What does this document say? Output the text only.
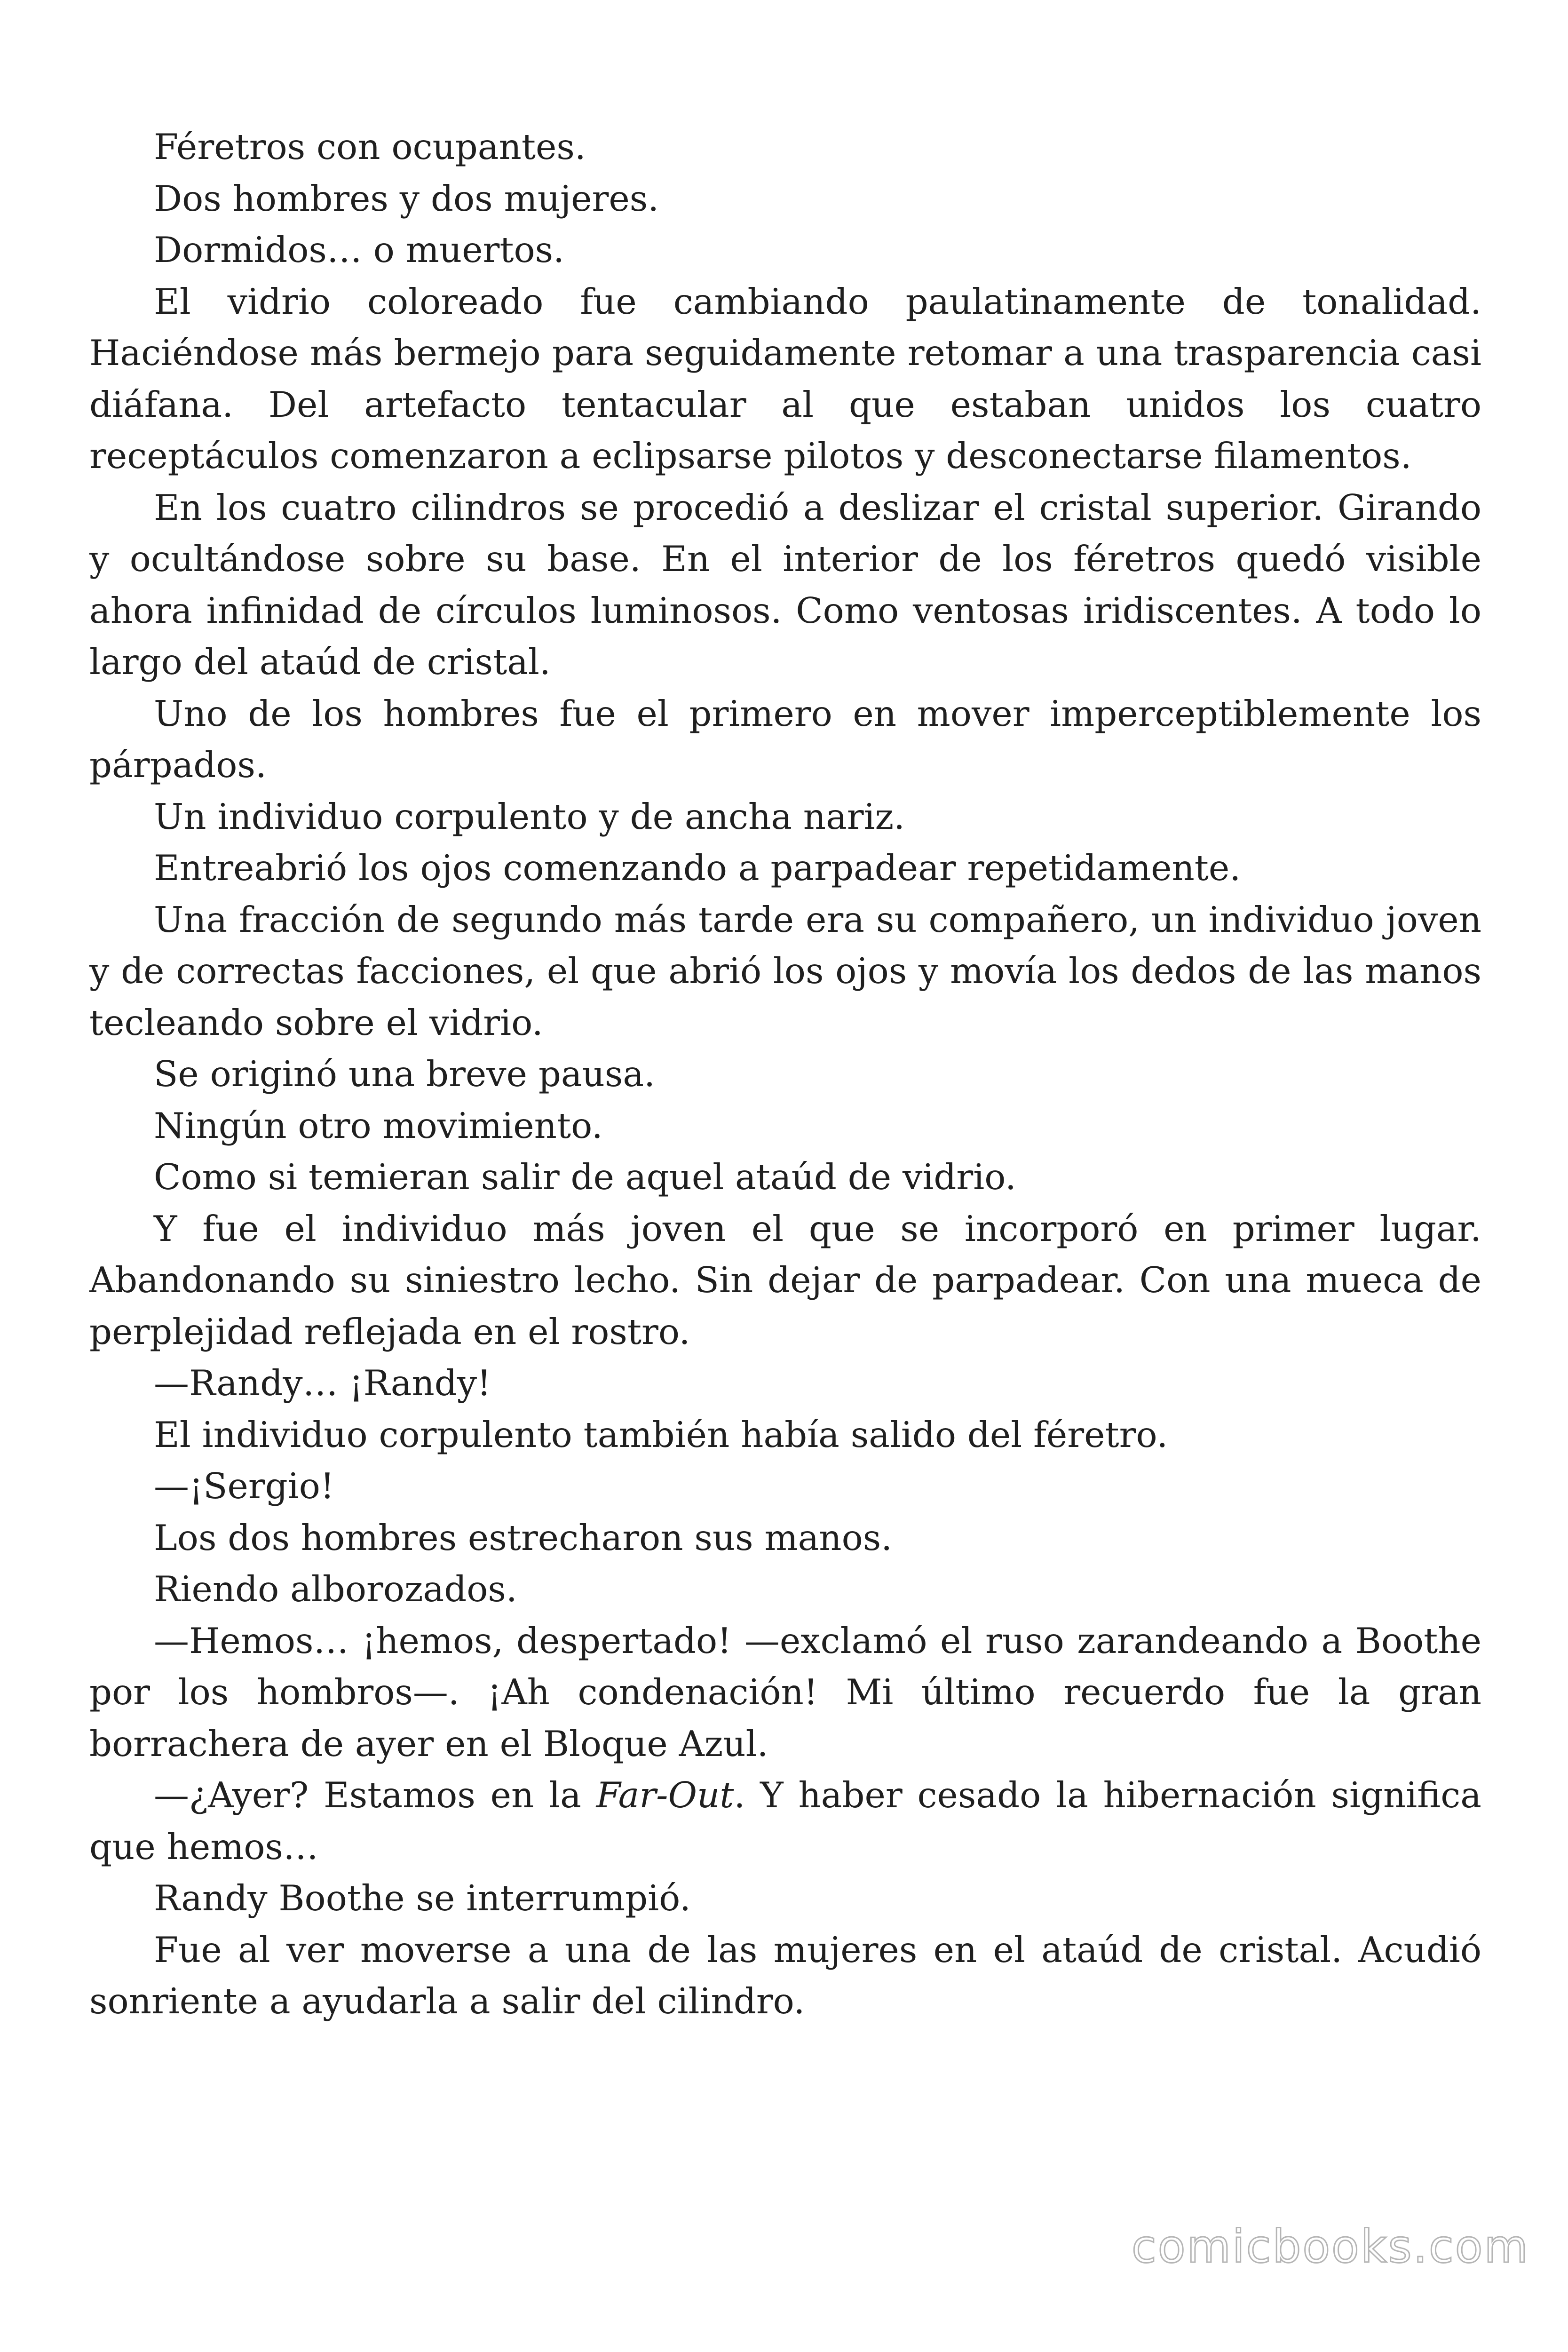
Féretros con ocupantes.

Dos hombres y dos mujeres.

Dormidos… o muertos.

El vidrio coloreado fue cambiando paulatinamente de tonalidad. Haciéndose más bermejo para seguidamente retomar a una trasparencia casi diáfana. Del artefacto tentacular al que estaban unidos los cuatro receptáculos comenzaron a eclipsarse pilotos y desconectarse filamentos.

En los cuatro cilindros se procedió a deslizar el cristal superior. Girando y ocultándose sobre su base. En el interior de los féretros quedó visible ahora infinidad de círculos luminosos. Como ventosas iridiscentes. A todo lo largo del ataúd de cristal.

Uno de los hombres fue el primero en mover imperceptiblemente los párpados.

Un individuo corpulento y de ancha nariz.

Entreabrió los ojos comenzando a parpadear repetidamente.

Una fracción de segundo más tarde era su compañero, un individuo joven y de correctas facciones, el que abrió los ojos y movía los dedos de las manos tecleando sobre el vidrio.

Se originó una breve pausa.

Ningún otro movimiento.

Como si temieran salir de aquel ataúd de vidrio.

Y fue el individuo más joven el que se incorporó en primer lugar. Abandonando su siniestro lecho. Sin dejar de parpadear. Con una mueca de perplejidad reflejada en el rostro.

—Randy… ¡Randy!

El individuo corpulento también había salido del féretro.

—¡Sergio!

Los dos hombres estrecharon sus manos.

Riendo alborozados.

—Hemos… ¡hemos, despertado! —exclamó el ruso zarandeando a Boothe por los hombros—. ¡Ah condenación! Mi último recuerdo fue la gran borrachera de ayer en el Bloque Azul.

—¿Ayer? Estamos en la Far-Out. Y haber cesado la hibernación significa que hemos…

Randy Boothe se interrumpió.

Fue al ver moverse a una de las mujeres en el ataúd de cristal. Acudió sonriente a ayudarla a salir del cilindro.

comicbooks.com
